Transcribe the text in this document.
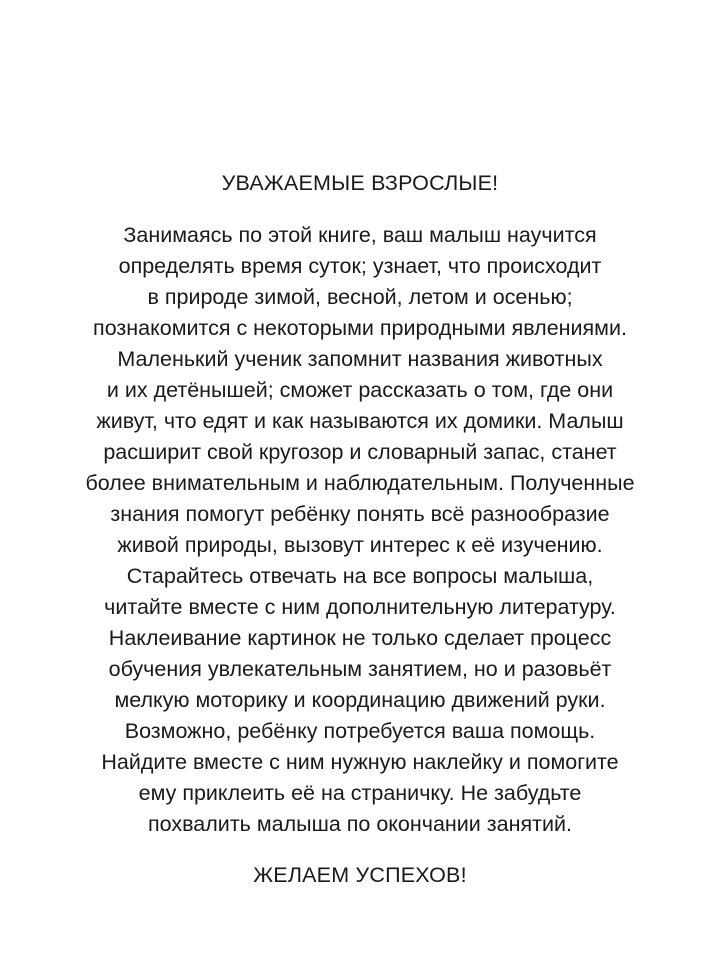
УВАЖАЕМЫЕ ВЗРОСЛЫЕ!

Занимаясь по этой книге, ваш малыш научится
определять время суток; узнает, что происходит
в природе зимой, весной, летом и осенью;
познакомится с некоторыми природными явлениями.
Маленький ученик запомнит названия животных
и их детёнышей; сможет рассказать о том, где они
живут, что едят и как называются их домики. Малыш
расширит свой кругозор и словарный запас, станет
более внимательным и наблюдательным. Полученные
знания помогут ребёнку понять всё разнообразие
живой природы, вызовут интерес к её изучению.
Старайтесь отвечать на все вопросы малыша,
читайте вместе с ним дополнительную литературу.
Наклеивание картинок не только сделает процесс
обучения увлекательным занятием, но и разовьёт
мелкую моторику и координацию движений руки.
Возможно, ребёнку потребуется ваша помощь.
Найдите вместе с ним нужную наклейку и помогите
ему приклеить её на страничку. Не забудьте
похвалить малыша по окончании занятий.

ЖЕЛАЕМ УСПЕХОВ!
